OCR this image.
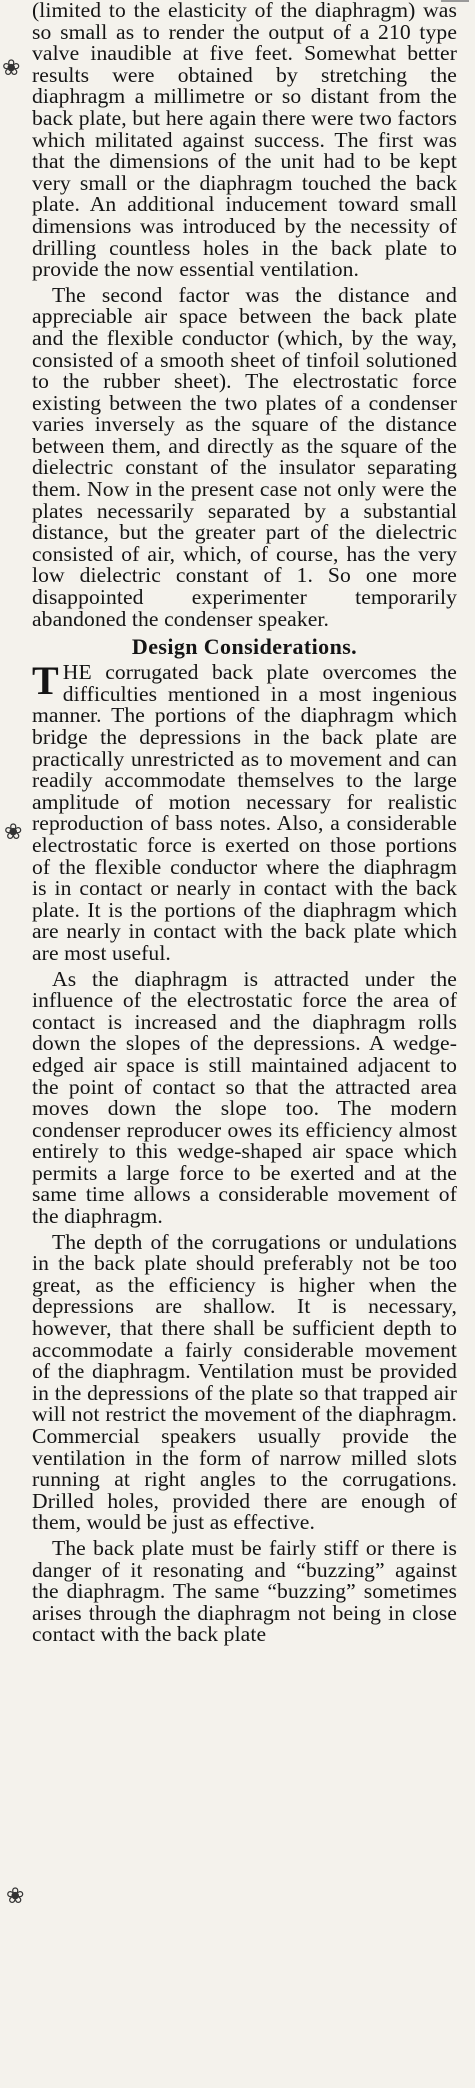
(limited to the elasticity of the diaphragm) was so small as to render the output of a 210 type valve inaudible at five feet. Somewhat better results were obtained by stretching the diaphragm a millimetre or so distant from the back plate, but here again there were two factors which militated against success. The first was that the dimensions of the unit had to be kept very small or the diaphragm touched the back plate. An additional inducement toward small dimensions was introduced by the necessity of drilling countless holes in the back plate to provide the now essential ventilation.

The second factor was the distance and appreciable air space between the back plate and the flexible conductor (which, by the way, consisted of a smooth sheet of tinfoil solutioned to the rubber sheet). The electrostatic force existing between the two plates of a condenser varies inversely as the square of the distance between them, and directly as the square of the dielectric constant of the insulator separating them. Now in the present case not only were the plates necessarily separated by a substantial distance, but the greater part of the dielectric consisted of air, which, of course, has the very low dielectric constant of 1. So one more disappointed experimenter temporarily abandoned the condenser speaker.

Design Considerations.

THE corrugated back plate overcomes the difficulties mentioned in a most ingenious manner. The portions of the diaphragm which bridge the depressions in the back plate are practically unrestricted as to movement and can readily accommodate themselves to the large amplitude of motion necessary for realistic reproduction of bass notes. Also, a considerable electrostatic force is exerted on those portions of the flexible conductor where the diaphragm is in contact or nearly in contact with the back plate. It is the portions of the diaphragm which are nearly in contact with the back plate which are most useful.

As the diaphragm is attracted under the influence of the electrostatic force the area of contact is increased and the diaphragm rolls down the slopes of the depressions. A wedge-edged air space is still maintained adjacent to the point of contact so that the attracted area moves down the slope too. The modern condenser reproducer owes its efficiency almost entirely to this wedge-shaped air space which permits a large force to be exerted and at the same time allows a considerable movement of the diaphragm.

The depth of the corrugations or undulations in the back plate should preferably not be too great, as the efficiency is higher when the depressions are shallow. It is necessary, however, that there shall be sufficient depth to accommodate a fairly considerable movement of the diaphragm. Ventilation must be provided in the depressions of the plate so that trapped air will not restrict the movement of the diaphragm. Commercial speakers usually provide the ventilation in the form of narrow milled slots running at right angles to the corrugations. Drilled holes, provided there are enough of them, would be just as effective.

The back plate must be fairly stiff or there is danger of it resonating and “buzzing” against the diaphragm. The same “buzzing” sometimes arises through the diaphragm not being in close contact with the back plate

❀
❀
❀
